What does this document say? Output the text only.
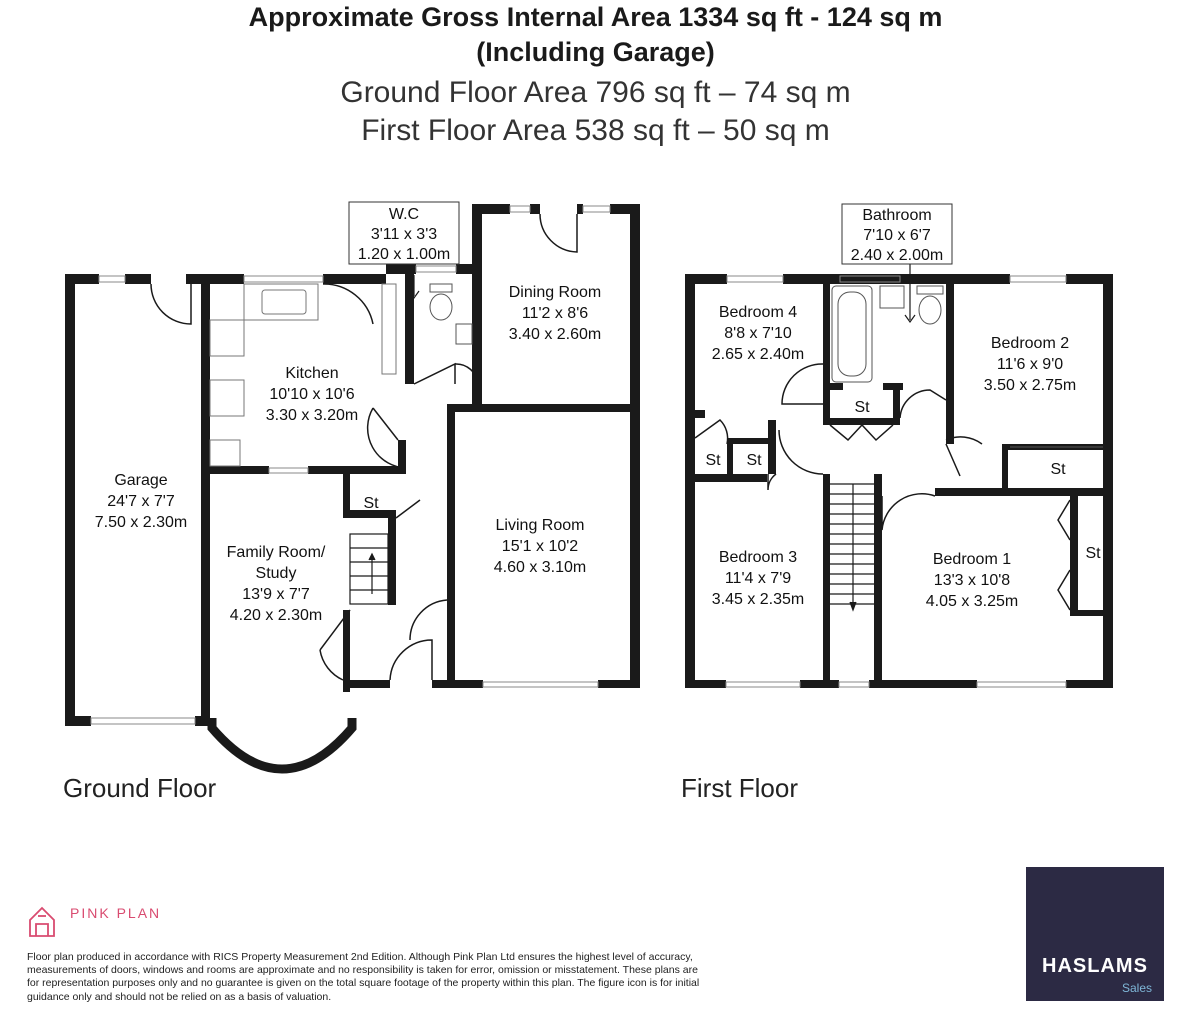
Approximate Gross Internal Area 1334 sq ft - 124 sq m
(Including Garage)
Ground Floor Area 796 sq ft – 74 sq m
First Floor Area 538 sq ft – 50 sq m
W.C
3'11 x 3'3
1.20 x 1.00m
Dining Room
11'2 x 8'6
3.40 x 2.60m
Kitchen
10'10 x 10'6
3.30 x 3.20m
Garage
24'7 x 7'7
7.50 x 2.30m	Living Room
15'1 x 10'2
4.60 x 3.10m
Family Room/
Study
13'9 x 7'7
4.20 x 2.30m
St
Bathroom
7'10 x 6'7
2.40 x 2.00m
Bedroom 4
8'8 x 7'10
2.65 x 2.40m
Bedroom 2
11'6 x 9'0
3.50 x 2.75m
Bedroom 3
11'4 x 7'9
3.45 x 2.35m
Bedroom 1
13'3 x 10'8
4.05 x 3.25m
St
St St
St
St
Ground Floor	First Floor
PINK PLAN
Floor plan produced in accordance with RICS Property Measurement 2nd Edition. Although Pink Plan Ltd ensures the highest level of accuracy, measurements of doors, windows and rooms are approximate and no responsibility is taken for error, omission or misstatement. These plans are for representation purposes only and no guarantee is given on the total square footage of the property within this plan. The figure icon is for initial guidance only and should not be relied on as a basis of valuation.
HASLAMS
Sales
